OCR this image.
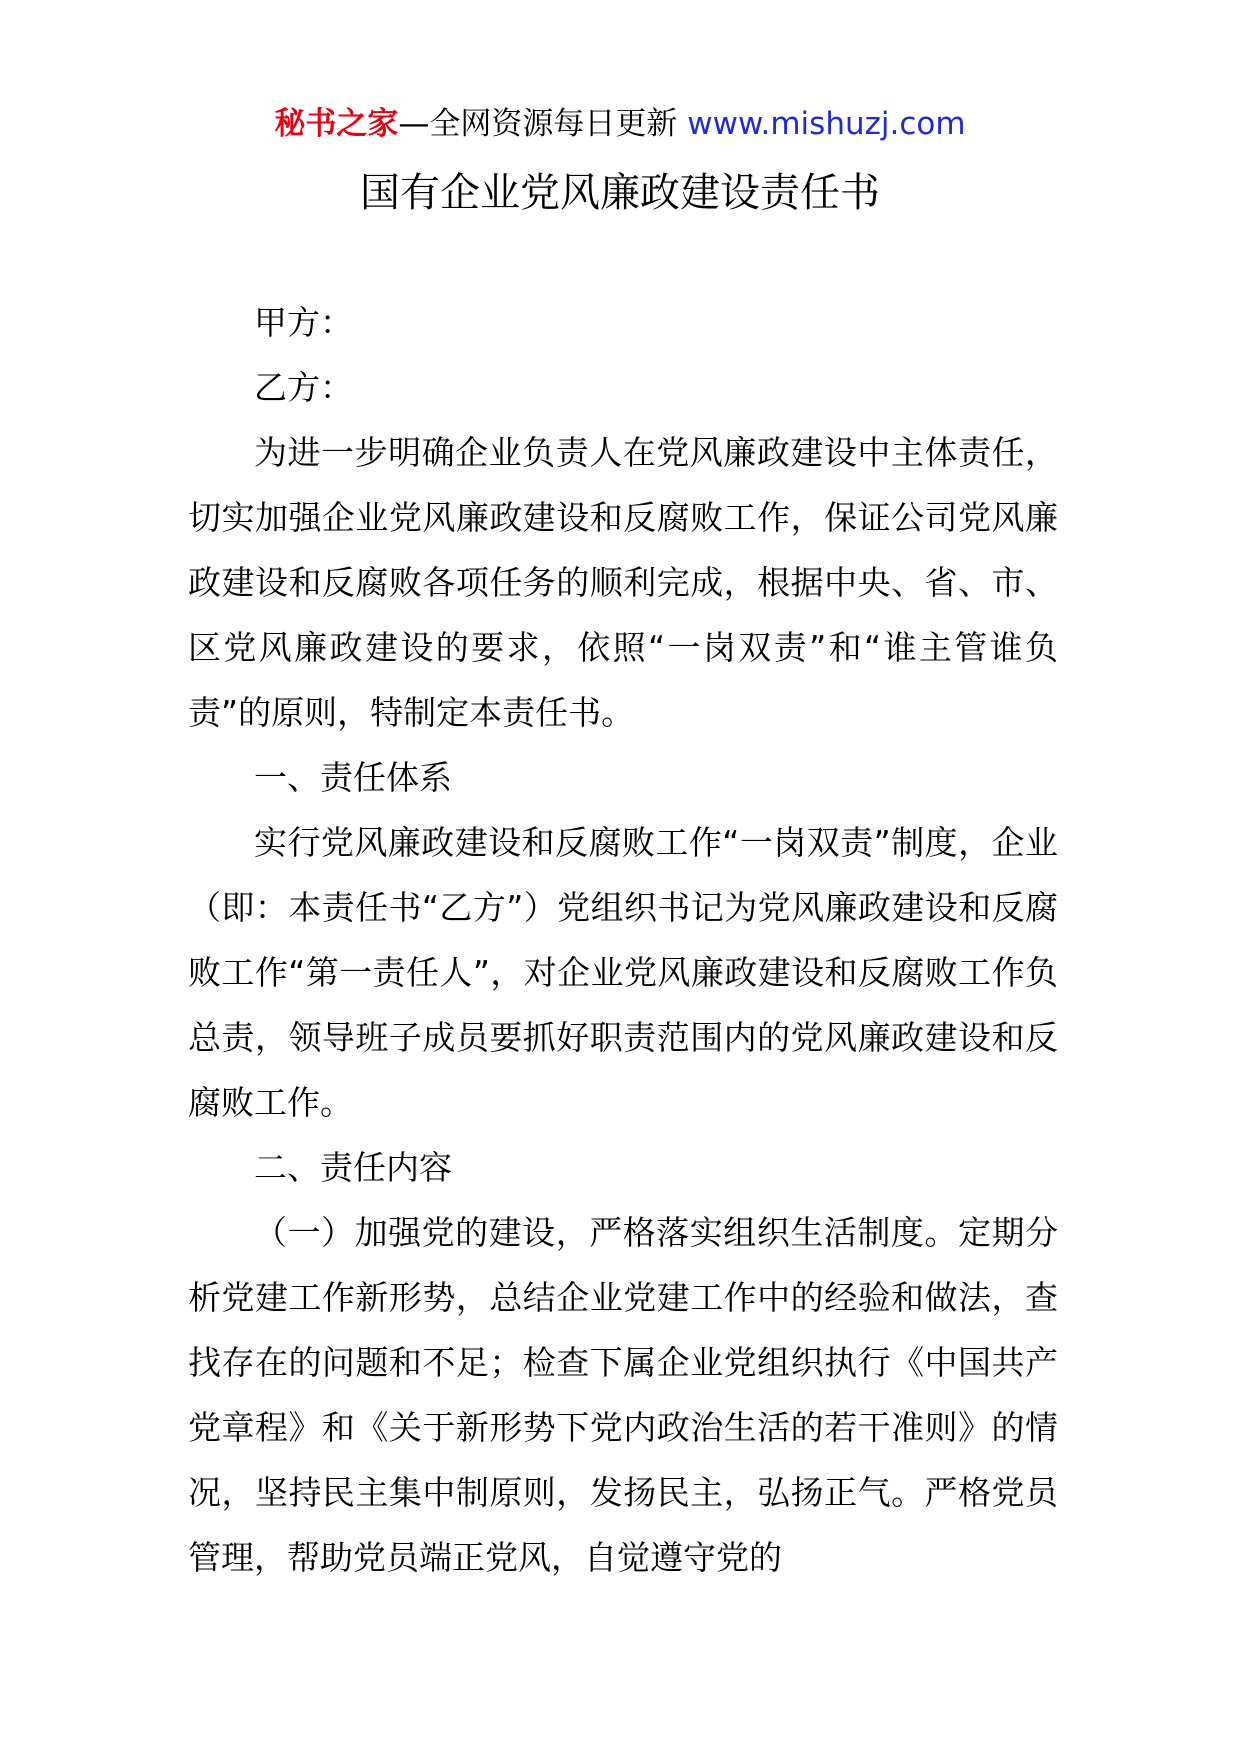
秘书之家—全网资源每日更新 www.mishuzj.com
国有企业党风廉政建设责任书

甲方：

乙方：

为进一步明确企业负责人在党风廉政建设中主体责任，切实加强企业党风廉政建设和反腐败工作，保证公司党风廉政建设和反腐败各项任务的顺利完成，根据中央、省、市、区党风廉政建设的要求，依照“一岗双责”和“谁主管谁负责”的原则，特制定本责任书。

一、责任体系

实行党风廉政建设和反腐败工作“一岗双责”制度，企业（即：本责任书“乙方”）党组织书记为党风廉政建设和反腐败工作“第一责任人”，对企业党风廉政建设和反腐败工作负总责，领导班子成员要抓好职责范围内的党风廉政建设和反腐败工作。

二、责任内容

（一）加强党的建设，严格落实组织生活制度。定期分析党建工作新形势，总结企业党建工作中的经验和做法，查找存在的问题和不足；检查下属企业党组织执行《中国共产党章程》和《关于新形势下党内政治生活的若干准则》的情况，坚持民主集中制原则，发扬民主，弘扬正气。严格党员管理，帮助党员端正党风，自觉遵守党的
